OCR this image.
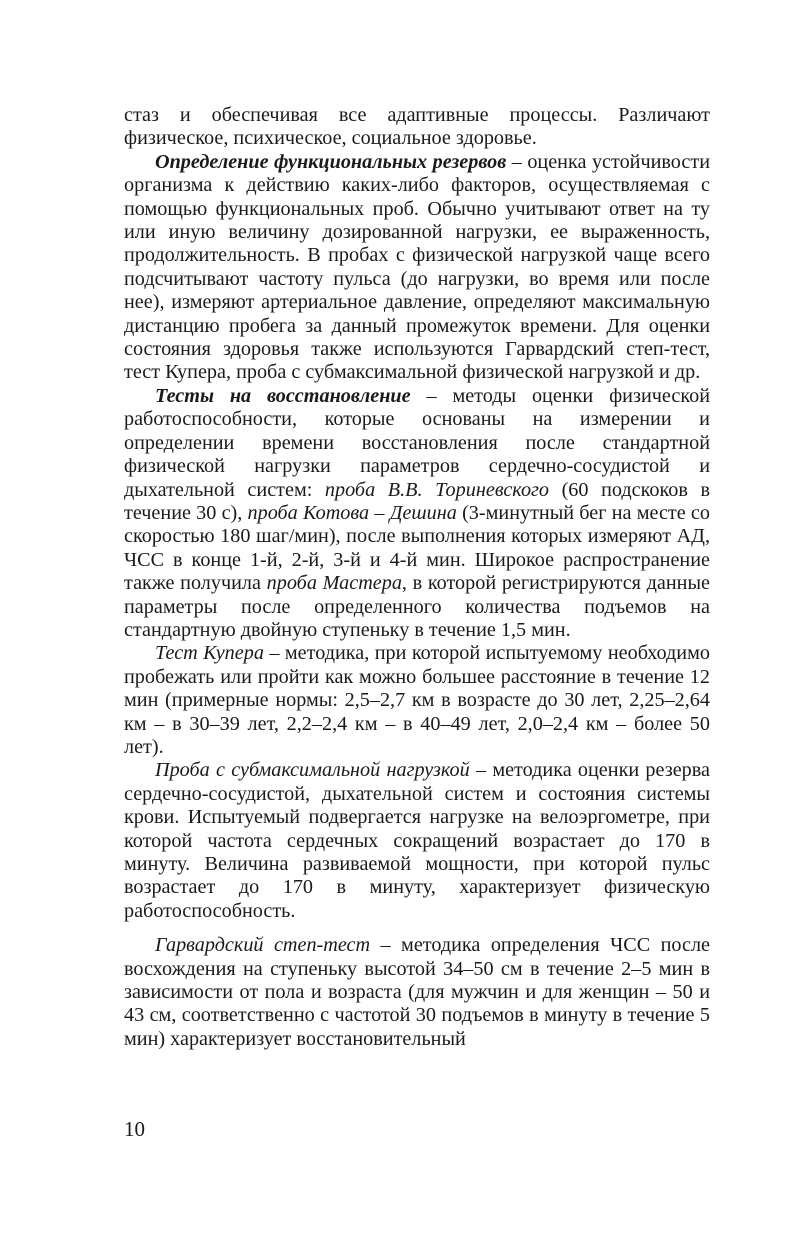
стаз и обеспечивая все адаптивные процессы. Различают физическое, психическое, социальное здоровье.

Определение функциональных резервов – оценка устойчивости организма к действию каких-либо факторов, осуществляемая с помощью функциональных проб. Обычно учитывают ответ на ту или иную величину дозированной нагрузки, ее выраженность, продолжительность. В пробах с физической нагрузкой чаще всего подсчитывают частоту пульса (до нагрузки, во время или после нее), измеряют артериальное давление, определяют максимальную дистанцию пробега за данный промежуток времени. Для оценки состояния здоровья также используются Гарвардский степ-тест, тест Купера, проба с субмаксимальной физической нагрузкой и др.

Тесты на восстановление – методы оценки физической работоспособности, которые основаны на измерении и определении времени восстановления после стандартной физической нагрузки параметров сердечно-сосудистой и дыхательной систем: проба В.В. Ториневского (60 подскоков в течение 30 с), проба Котова – Дешина (3-минутный бег на месте со скоростью 180 шаг/мин), после выполнения которых измеряют АД, ЧСС в конце 1-й, 2-й, 3-й и 4-й мин. Широкое распространение также получила проба Мастера, в которой регистрируются данные параметры после определенного количества подъемов на стандартную двойную ступеньку в течение 1,5 мин.

Тест Купера – методика, при которой испытуемому необходимо пробежать или пройти как можно большее расстояние в течение 12 мин (примерные нормы: 2,5–2,7 км в возрасте до 30 лет, 2,25–2,64 км – в 30–39 лет, 2,2–2,4 км – в 40–49 лет, 2,0–2,4 км – более 50 лет).

Проба с субмаксимальной нагрузкой – методика оценки резерва сердечно-сосудистой, дыхательной систем и состояния системы крови. Испытуемый подвергается нагрузке на велоэргометре, при которой частота сердечных сокращений возрастает до 170 в минуту. Величина развиваемой мощности, при которой пульс возрастает до 170 в минуту, характеризует физическую работоспособность.

Гарвардский степ-тест – методика определения ЧСС после восхождения на ступеньку высотой 34–50 см в течение 2–5 мин в зависимости от пола и возраста (для мужчин и для женщин – 50 и 43 см, соответственно с частотой 30 подъемов в минуту в течение 5 мин) характеризует восстановительный

10
